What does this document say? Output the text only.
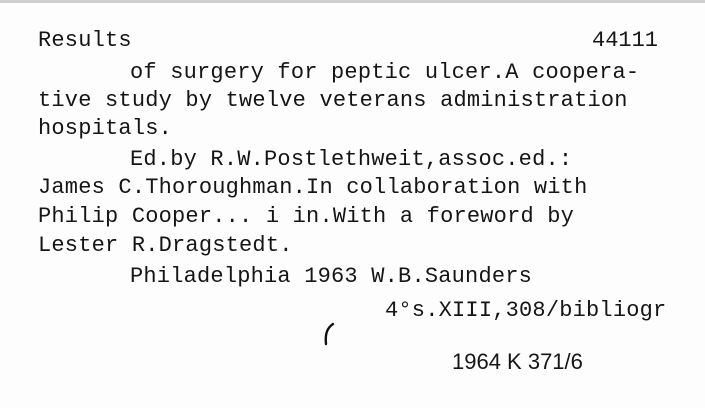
Results	44111
of surgery for peptic ulcer.A coopera-
tive study by twelve veterans administration
hospitals.
Ed.by R.W.Postlethweit,assoc.ed.:
James C.Thoroughman.In collaboration with
Philip Cooper... i in.With a foreword by
Lester R.Dragstedt.
Philadelphia 1963 W.B.Saunders
4°s.XIII,308/bibliogr
1964 K 371/6
